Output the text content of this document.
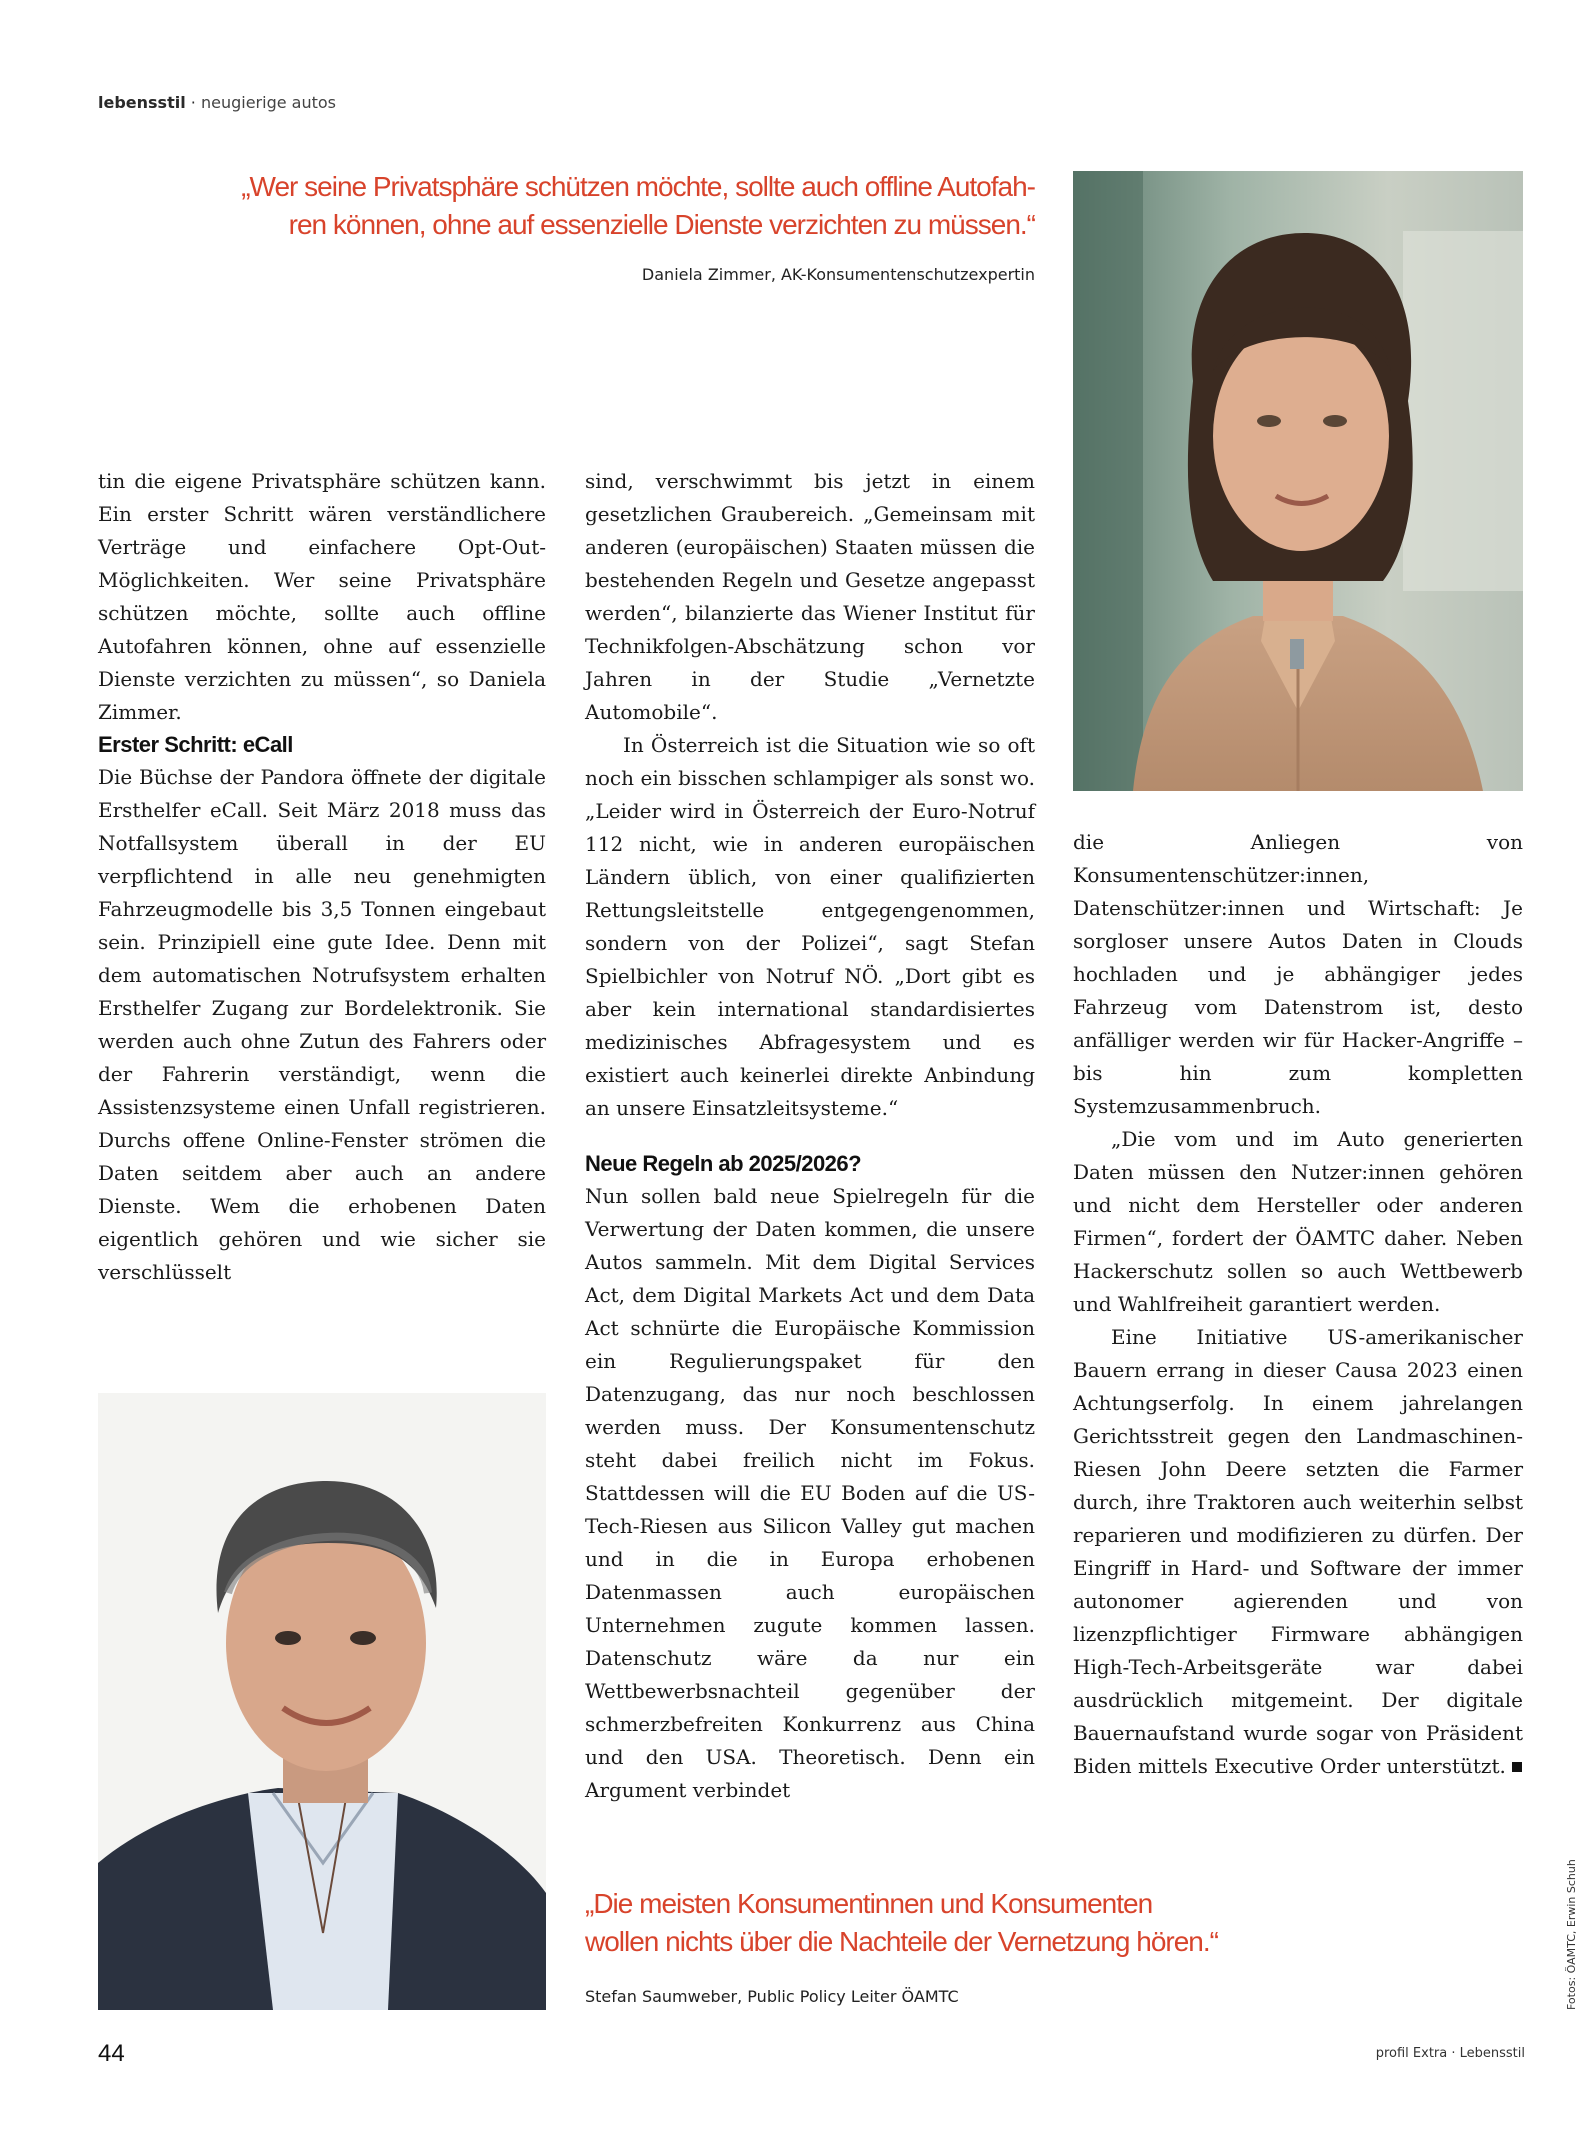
lebensstil · neugierige autos

„Wer seine Privatsphäre schützen möchte, sollte auch offline Autofah-

ren können, ohne auf essenzielle Dienste verzichten zu müssen.“

Daniela Zimmer, AK-Konsumentenschutzexpertin

tin die eigene Privatsphäre schützen kann. Ein erster Schritt wären verständlichere Verträge und einfachere Opt-Out-Möglichkeiten. Wer seine Privatsphäre schützen möchte, sollte auch offline Autofahren können, ohne auf essenzielle Dienste verzichten zu müssen“, so Daniela Zimmer.

Erster Schritt: eCall

Die Büchse der Pandora öffnete der digitale Ersthelfer eCall. Seit März 2018 muss das Notfallsystem überall in der EU verpflichtend in alle neu genehmigten Fahrzeugmodelle bis 3,5 Tonnen eingebaut sein. Prinzipiell eine gute Idee. Denn mit dem automatischen Notrufsystem erhalten Ersthelfer Zugang zur Bordelektronik. Sie werden auch ohne Zutun des Fahrers oder der Fahrerin verständigt, wenn die Assistenzsysteme einen Unfall registrieren. Durchs offene Online-Fenster strömen die Daten seitdem aber auch an andere Dienste. Wem die erhobenen Daten eigentlich gehören und wie sicher sie verschlüsselt

sind, verschwimmt bis jetzt in einem gesetzlichen Graubereich. „Gemeinsam mit anderen (europäischen) Staaten müssen die bestehenden Regeln und Gesetze angepasst werden“, bilanzierte das Wiener Institut für Technikfolgen-Abschätzung schon vor Jahren in der Studie „Vernetzte Automobile“.

In Österreich ist die Situation wie so oft noch ein bisschen schlampiger als sonst wo. „Leider wird in Österreich der Euro-Notruf 112 nicht, wie in anderen europäischen Ländern üblich, von einer qualifizierten Rettungsleitstelle entgegengenommen, sondern von der Polizei“, sagt Stefan Spielbichler von Notruf NÖ. „Dort gibt es aber kein international standardisiertes medizinisches Abfragesystem und es existiert auch keinerlei direkte Anbindung an unsere Einsatzleitsysteme.“

Neue Regeln ab 2025/2026?

Nun sollen bald neue Spielregeln für die Verwertung der Daten kommen, die unsere Autos sammeln. Mit dem Digital Services Act, dem Digital Markets Act und dem Data Act schnürte die Europäische Kommission ein Regulierungspaket für den Datenzugang, das nur noch beschlossen werden muss. Der Konsumentenschutz steht dabei freilich nicht im Fokus. Stattdessen will die EU Boden auf die US-Tech-Riesen aus Silicon Valley gut machen und in die in Europa erhobenen Datenmassen auch europäischen Unternehmen zugute kommen lassen. Datenschutz wäre da nur ein Wettbewerbsnachteil gegenüber der schmerzbefreiten Konkurrenz aus China und den USA. Theoretisch. Denn ein Argument verbindet

die Anliegen von Konsumentenschützer:innen, Datenschützer:innen und Wirtschaft: Je sorgloser unsere Autos Daten in Clouds hochladen und je abhängiger jedes Fahrzeug vom Datenstrom ist, desto anfälliger werden wir für Hacker-Angriffe – bis hin zum kompletten Systemzusammenbruch.

„Die vom und im Auto generierten Daten müssen den Nutzer:innen gehören und nicht dem Hersteller oder anderen Firmen“, fordert der ÖAMTC daher. Neben Hackerschutz sollen so auch Wettbewerb und Wahlfreiheit garantiert werden.

Eine Initiative US-amerikanischer Bauern errang in dieser Causa 2023 einen Achtungserfolg. In einem jahrelangen Gerichtsstreit gegen den Landmaschinen-Riesen John Deere setzten die Farmer durch, ihre Traktoren auch weiterhin selbst reparieren und modifizieren zu dürfen. Der Eingriff in Hard- und Software der immer autonomer agierenden und von lizenzpflichtiger Firmware abhängigen High-Tech-Arbeitsgeräte war dabei ausdrücklich mitgemeint. Der digitale Bauernaufstand wurde sogar von Präsident Biden mittels Executive Order unterstützt.

„Die meisten Konsumentinnen und Konsumenten

wollen nichts über die Nachteile der Vernetzung hören.“

Stefan Saumweber, Public Policy Leiter ÖAMTC	Fotos: ÖAMTC, Erwin Schuh
44	profil Extra · Lebensstil
